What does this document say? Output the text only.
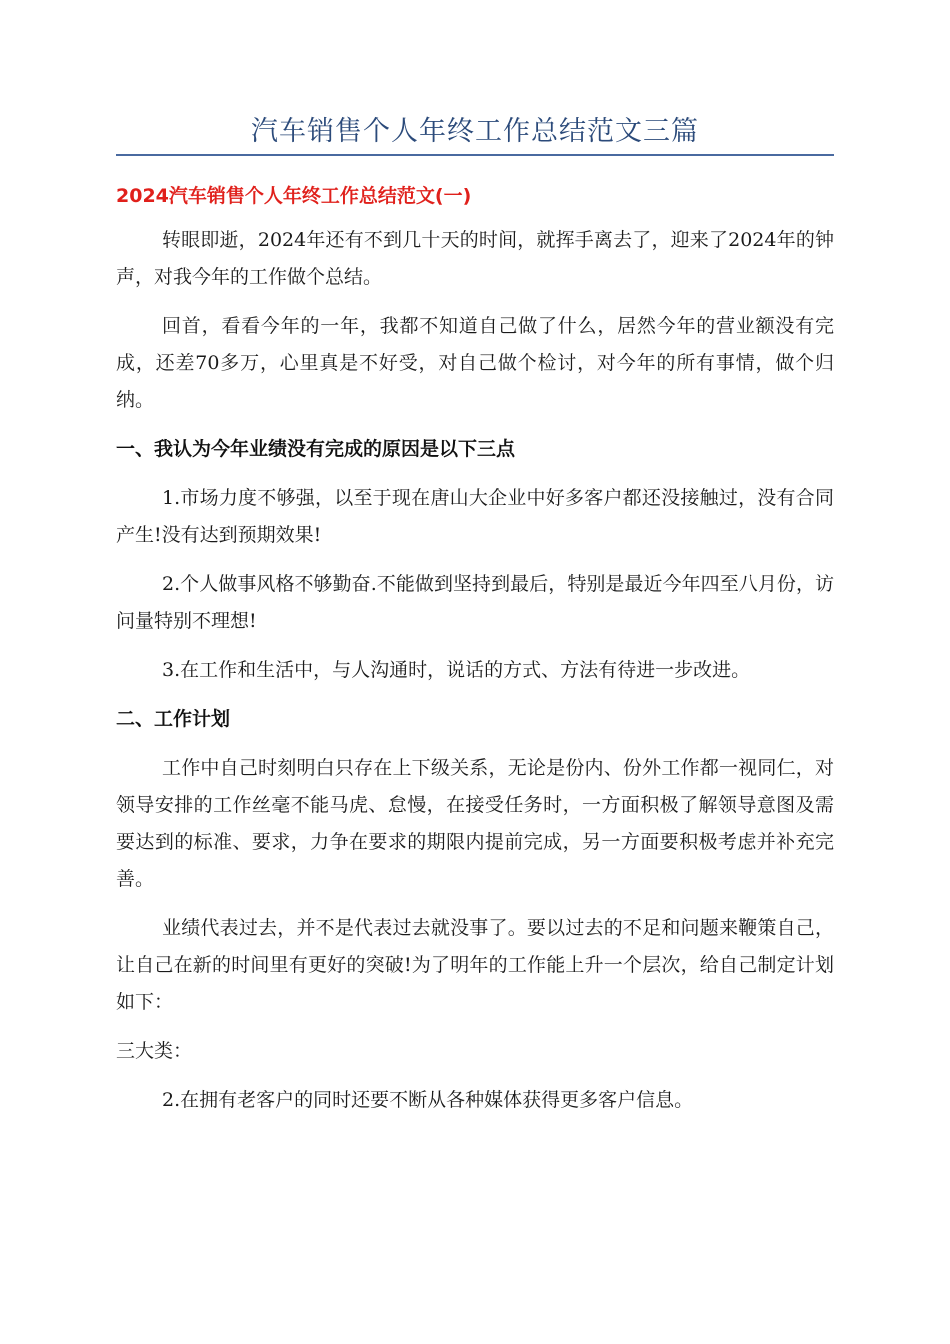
汽车销售个人年终工作总结范文三篇
2024汽车销售个人年终工作总结范文(一)

转眼即逝，2024年还有不到几十天的时间，就挥手离去了，迎来了2024年的钟声，对我今年的工作做个总结。

回首，看看今年的一年，我都不知道自己做了什么，居然今年的营业额没有完成，还差70多万，心里真是不好受，对自己做个检讨，对今年的所有事情，做个归纳。

一、我认为今年业绩没有完成的原因是以下三点

1.市场力度不够强，以至于现在唐山大企业中好多客户都还没接触过，没有合同产生!没有达到预期效果!

2.个人做事风格不够勤奋.不能做到坚持到最后，特别是最近今年四至八月份，访问量特别不理想!

3.在工作和生活中，与人沟通时，说话的方式、方法有待进一步改进。

二、工作计划

工作中自己时刻明白只存在上下级关系，无论是份内、份外工作都一视同仁，对领导安排的工作丝毫不能马虎、怠慢，在接受任务时，一方面积极了解领导意图及需要达到的标准、要求，力争在要求的期限内提前完成，另一方面要积极考虑并补充完善。

业绩代表过去，并不是代表过去就没事了。要以过去的不足和问题来鞭策自己，让自己在新的时间里有更好的突破!为了明年的工作能上升一个层次，给自己制定计划如下：

三大类：

2.在拥有老客户的同时还要不断从各种媒体获得更多客户信息。
